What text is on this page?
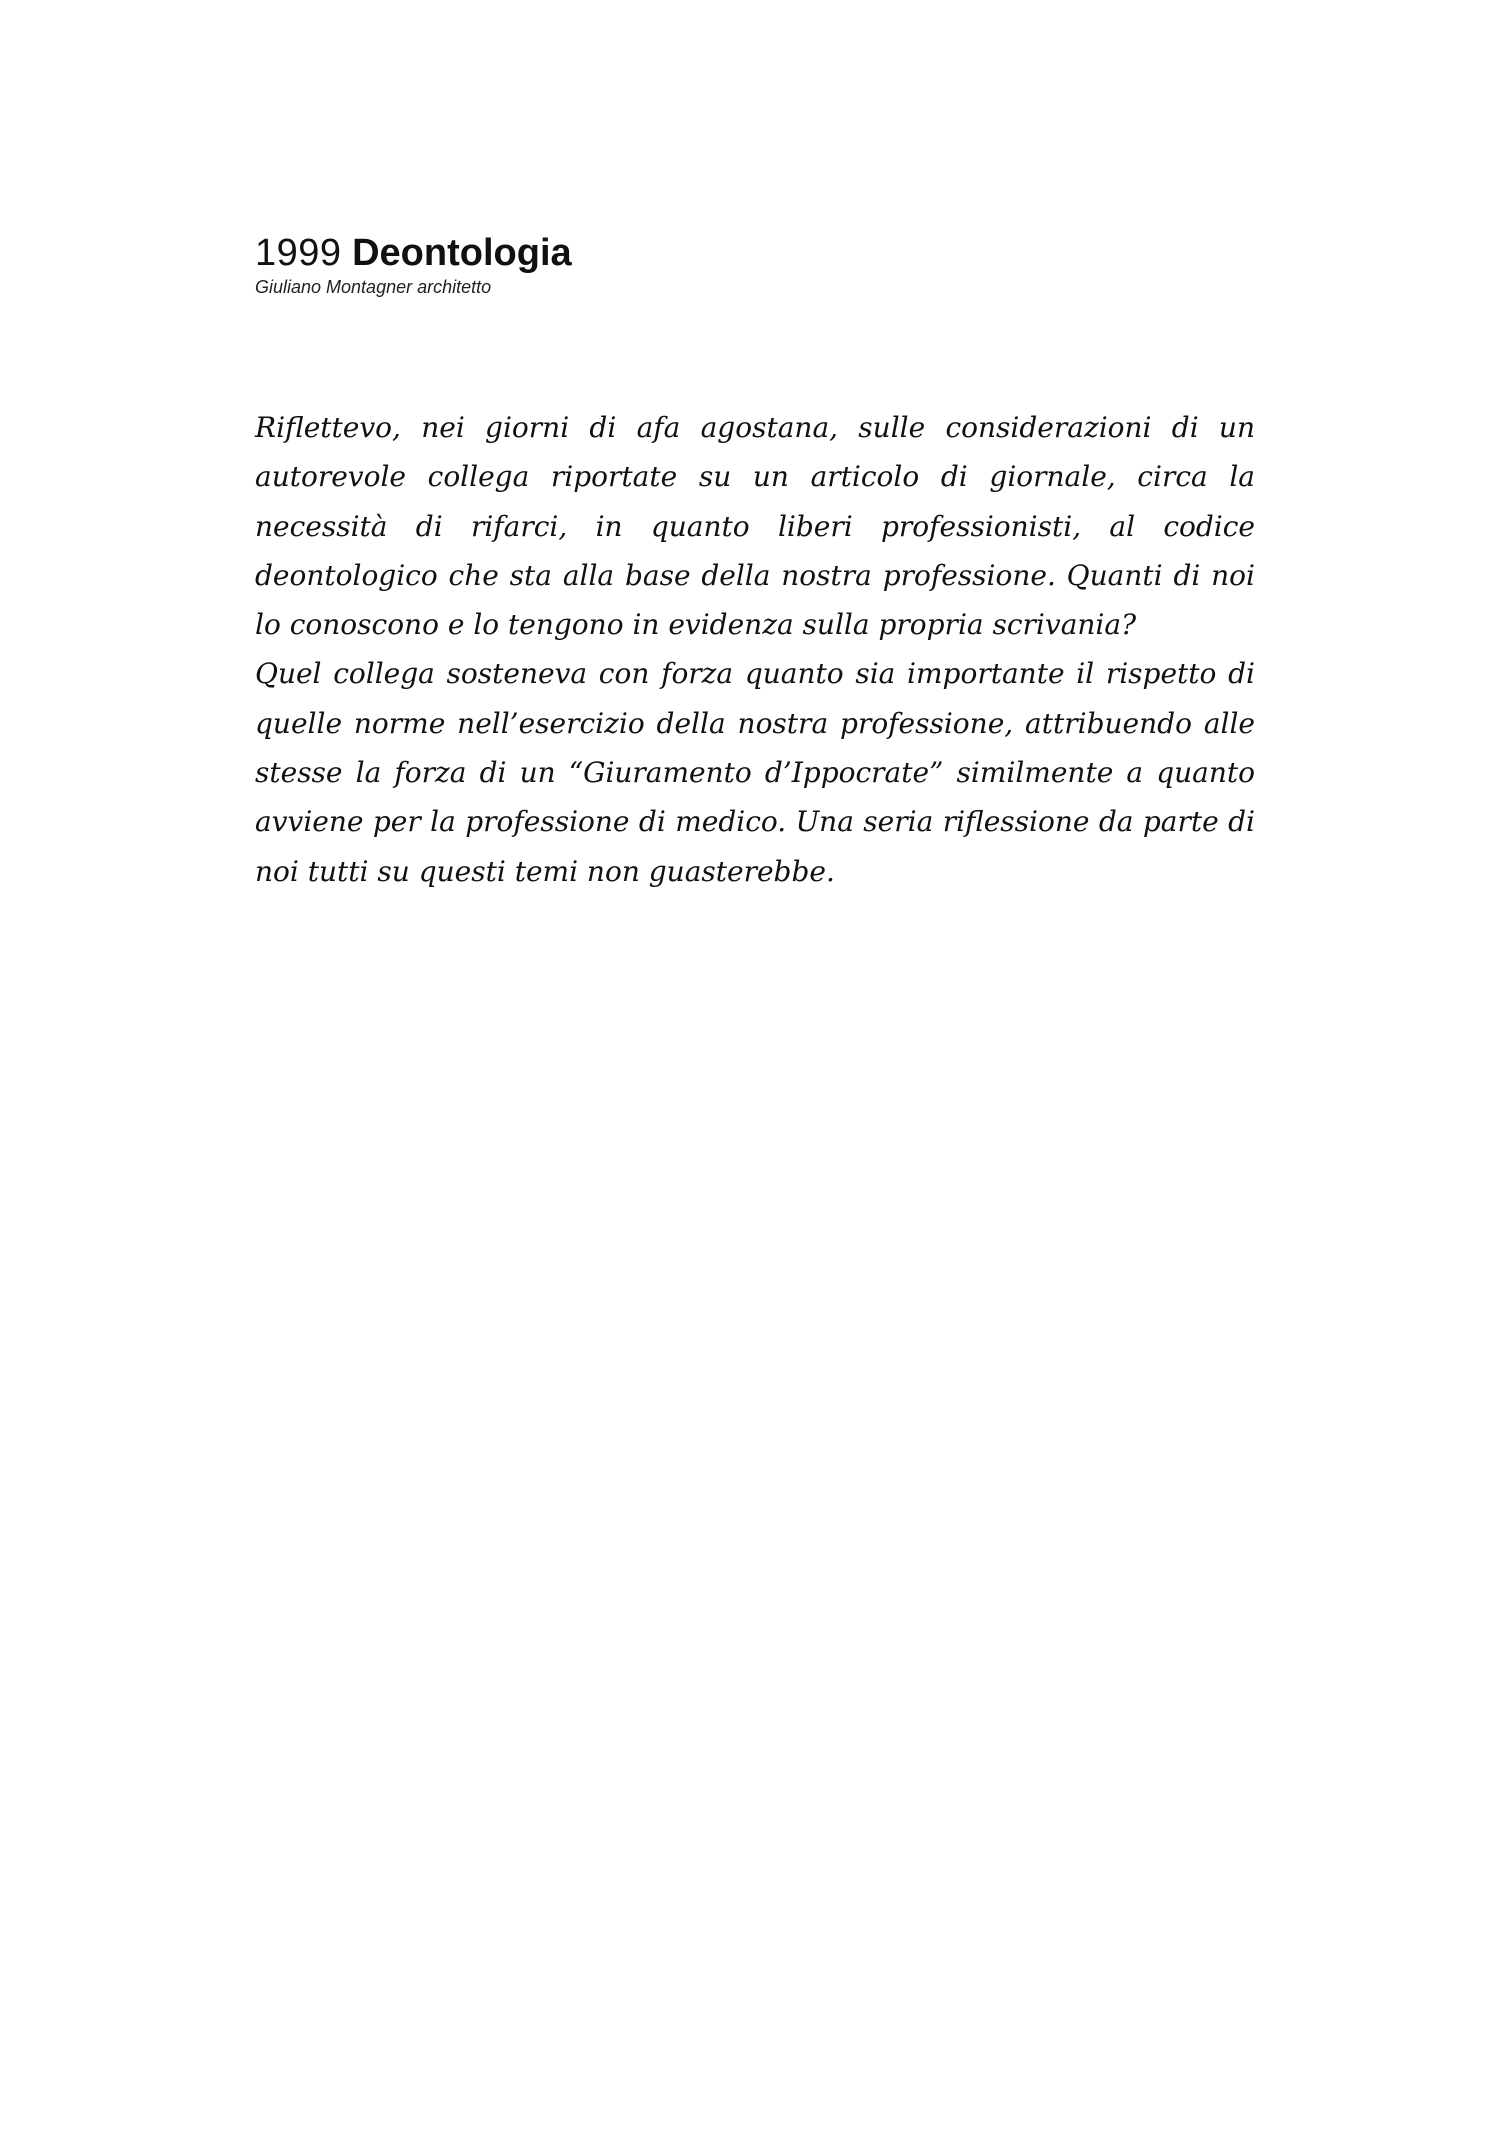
1999 Deontologia
Giuliano Montagner architetto

Riflettevo, nei giorni di afa agostana, sulle considerazioni di un autorevole collega riportate su un articolo di giornale, circa la necessità di rifarci, in quanto liberi professionisti, al codice deontologico che sta alla base della nostra professione. Quanti di noi lo conoscono e lo tengono in evidenza sulla propria scrivania?

Quel collega sosteneva con forza quanto sia importante il rispetto di quelle norme nell’esercizio della nostra professione, attribuendo alle stesse la forza di un “Giuramento d’Ippocrate” similmente a quanto avviene per la professione di medico. Una seria riflessione da parte di noi tutti su questi temi non guasterebbe.
